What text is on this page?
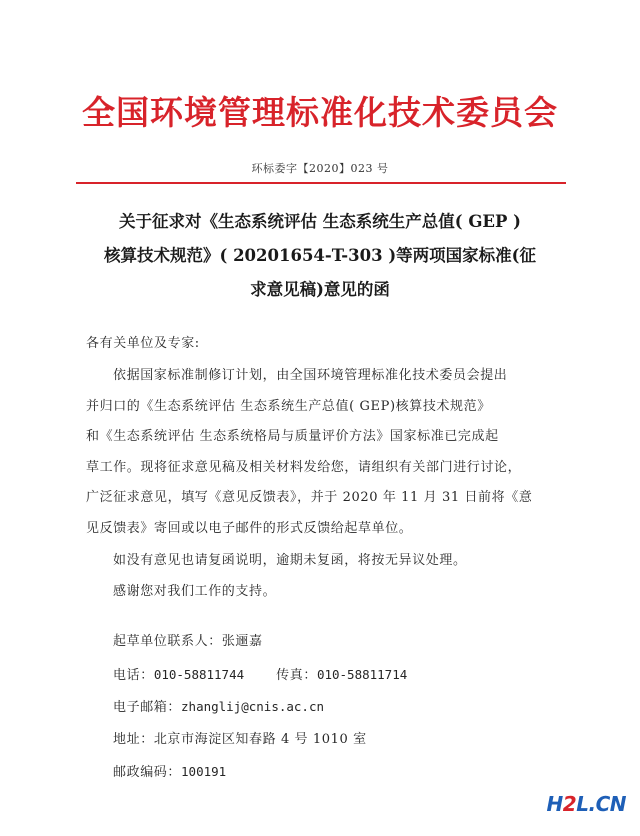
全国环境管理标准化技术委员会
环标委字【2020】023 号
关于征求对《生态系统评估 生态系统生产总值( GEP )
核算技术规范》( 20201654-T-303 )等两项国家标准(征
求意见稿)意见的函
各有关单位及专家:
依据国家标准制修订计划，由全国环境管理标准化技术委员会提出
并归口的《生态系统评估 生态系统生产总值( GEP)核算技术规范》
和《生态系统评估 生态系统格局与质量评价方法》国家标准已完成起
草工作。现将征求意见稿及相关材料发给您，请组织有关部门进行讨论，
广泛征求意见，填写《意见反馈表》，并于 2020 年 11 月 31 日前将《意
见反馈表》寄回或以电子邮件的形式反馈给起草单位。
如没有意见也请复函说明，逾期未复函，将按无异议处理。
感谢您对我们工作的支持。
起草单位联系人：张逦嘉
电话：010-58811744 传真：010-58811714
电子邮箱：zhanglij@cnis.ac.cn
地址：北京市海淀区知春路 4 号 1010 室
邮政编码：100191
H2L.CN
